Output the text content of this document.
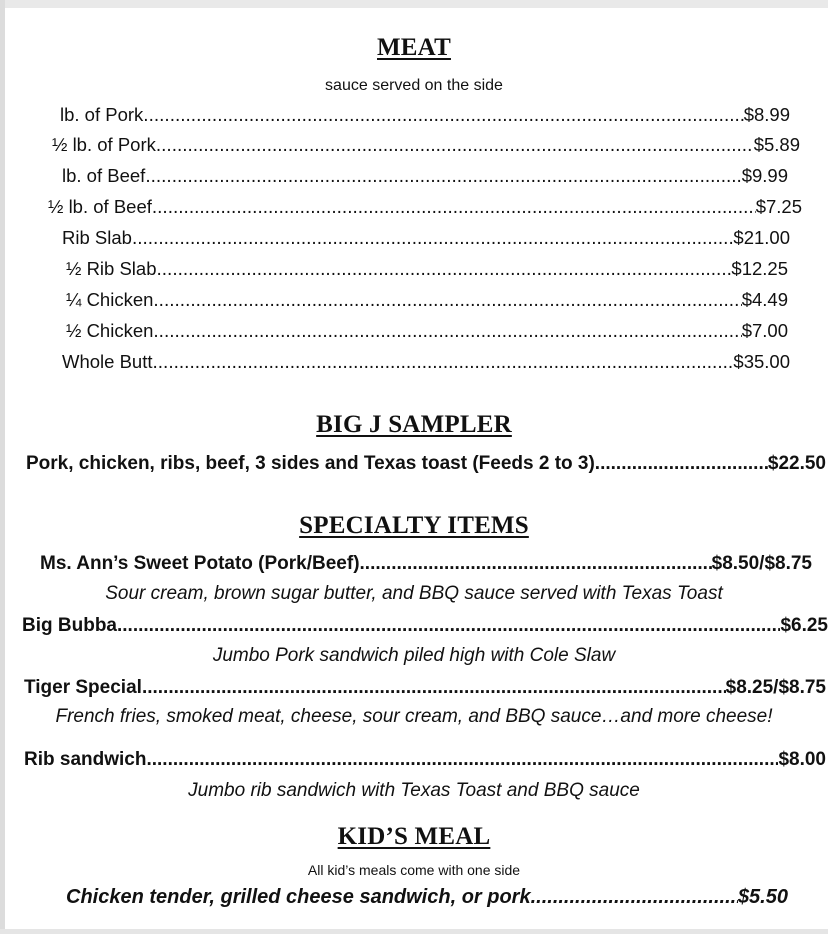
MEAT
sauce served on the side
lb. of Pork .....	$8.99
½ lb. of Pork .....	$5.89
lb. of Beef .....	$9.99
½ lb. of Beef .....	$7.25
Rib Slab .....	$21.00
½ Rib Slab .....	$12.25
¼ Chicken .....	$4.49
½ Chicken .....	$7.00
Whole Butt .....	$35.00
BIG J SAMPLER
Pork, chicken, ribs, beef, 3 sides and Texas toast (Feeds 2 to 3) .....	$22.50
SPECIALTY ITEMS
Ms. Ann’s Sweet Potato (Pork/Beef) .....	$8.50/$8.75
Sour cream, brown sugar butter, and BBQ sauce served with Texas Toast
Big Bubba .....	$6.25
Jumbo Pork sandwich piled high with Cole Slaw
Tiger Special .....	$8.25/$8.75
French fries, smoked meat, cheese, sour cream, and BBQ sauce…and more cheese!
Rib sandwich .....	$8.00
Jumbo rib sandwich with Texas Toast and BBQ sauce
KID’S MEAL
All kid’s meals come with one side
Chicken tender, grilled cheese sandwich, or pork .....	$5.50
